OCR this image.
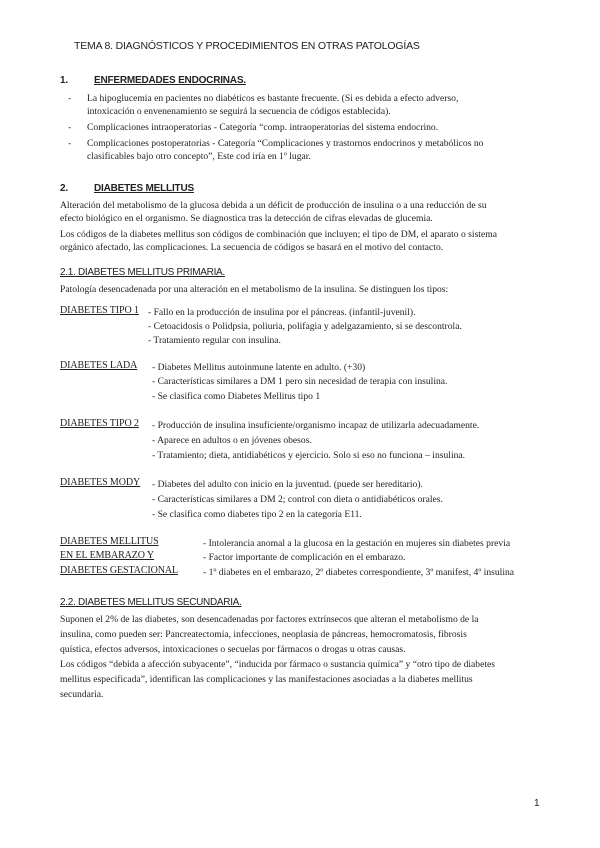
TEMA 8. DIAGNÓSTICOS Y PROCEDIMIENTOS EN OTRAS PATOLOGÍAS
1.	ENFERMEDADES ENDOCRINAS.
- La hipoglucemia en pacientes no diabéticos es bastante frecuente. (Si es debida a efecto adverso,
intoxicación o envenenamiento se seguirá la secuencia de códigos establecida).
- Complicaciones intraoperatorias - Categoría “comp. intraoperatorias del sistema endocrino.
- Complicaciones postoperatorias - Categoría “Complicaciones y trastornos endocrinos y metabólicos no
clasificables bajo otro concepto”, Este cod iría en 1º lugar.
2.	DIABETES MELLITUS
Alteración del metabolismo de la glucosa debida a un déficit de producción de insulina o a una reducción de su
efecto biológico en el organismo. Se diagnostica tras la detección de cifras elevadas de glucemia.
Los códigos de la diabetes mellitus son códigos de combinación que incluyen; el tipo de DM, el aparato o sistema
orgánico afectado, las complicaciones. La secuencia de códigos se basará en el motivo del contacto.
2.1. DIABETES MELLITUS PRIMARIA.
Patología desencadenada por una alteración en el metabolismo de la insulina. Se distinguen los tipos:
DIABETES TIPO 1 - Fallo en la producción de insulina por el páncreas. (infantil-juvenil).
- Cetoacidosis o Polidpsia, poliuria, polifagia y adelgazamiento, si se descontrola.
- Tratamiento regular con insulina.
DIABETES LADA - Diabetes Mellitus autoinmune latente en adulto. (+30)
- Características similares a DM 1 pero sin necesidad de terapia con insulina.
- Se clasifica como Diabetes Mellitus tipo 1
DIABETES TIPO 2 - Producción de insulina insuficiente/organismo incapaz de utilizarla adecuadamente.
- Aparece en adultos o en jóvenes obesos.
- Tratamiento; dieta, antidiabéticos y ejercicio. Solo si eso no funciona – insulina.
DIABETES MODY - Diabetes del adulto con inicio en la juventud. (puede ser hereditario).
- Características similares a DM 2; control con dieta o antidiabéticos orales.
- Se clasifica como diabetes tipo 2 en la categoría E11.
DIABETES MELLITUS
EN EL EMBARAZO Y
DIABETES GESTACIONAL
- Intolerancia anomal a la glucosa en la gestación en mujeres sin diabetes previa
- Factor importante de complicación en el embarazo.
- 1º diabetes en el embarazo, 2º diabetes correspondiente, 3º manifest, 4º insulina
2.2. DIABETES MELLITUS SECUNDARIA.
Suponen el 2% de las diabetes, son desencadenadas por factores extrínsecos que alteran el metabolismo de la
insulina, como pueden ser: Pancreatectomía, infecciones, neoplasia de páncreas, hemocromatosis, fibrosis
quística, efectos adversos, intoxicaciones o secuelas por fármacos o drogas u otras causas.
Los códigos “debida a afección subyacente”, “inducida por fármaco o sustancia química” y “otro tipo de diabetes
mellitus especificada”, identifican las complicaciones y las manifestaciones asociadas a la diabetes mellitus
secundaria.
1
